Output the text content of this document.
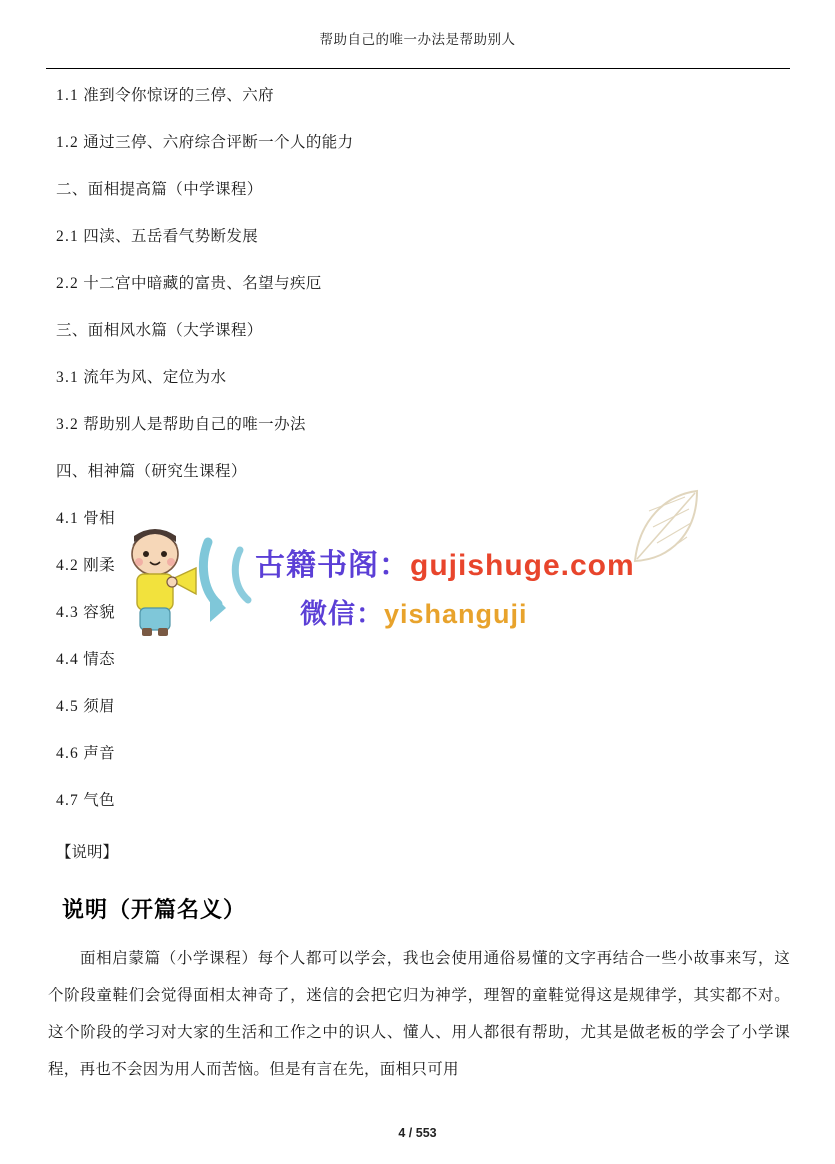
帮助自己的唯一办法是帮助别人
1.1 准到令你惊讶的三停、六府
1.2 通过三停、六府综合评断一个人的能力
二、面相提高篇（中学课程）
2.1 四渎、五岳看气势断发展
2.2 十二宫中暗藏的富贵、名望与疾厄
三、面相风水篇（大学课程）
3.1 流年为风、定位为水
3.2 帮助别人是帮助自己的唯一办法
四、相神篇（研究生课程）
4.1 骨相
4.2 刚柔
4.3 容貌
4.4 情态
4.5 须眉
4.6 声音
4.7 气色
【说明】
说明（开篇名义）
面相启蒙篇（小学课程）每个人都可以学会，我也会使用通俗易懂的文字再结合一些小故事来写，这个阶段童鞋们会觉得面相太神奇了，迷信的会把它归为神学，理智的童鞋觉得这是规律学，其实都不对。这个阶段的学习对大家的生活和工作之中的识人、懂人、用人都很有帮助，尤其是做老板的学会了小学课程，再也不会因为用人而苦恼。但是有言在先，面相只可用
古籍书阁：gujishuge.com
微信：yishanguji
4 / 553
